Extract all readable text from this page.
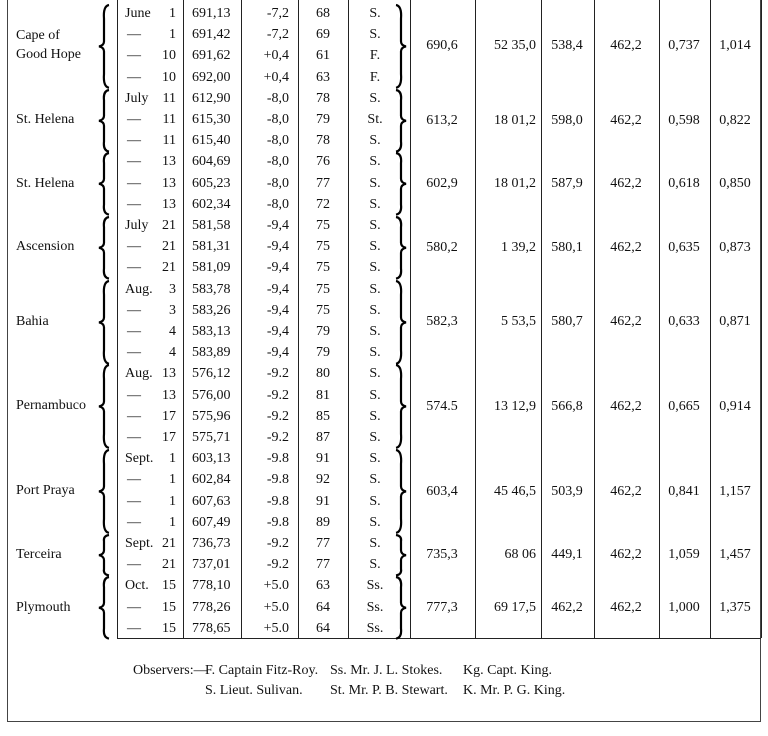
Cape of
Good Hope
June	1 691,13	-7,2	68	S.
—	1 691,42	-7,2	69	S.
—	10 691,62	+0,4	61	F.
—	10 692,00	+0,4	63	F.
690,6	52 35,0	538,4	462,2	0,737	1,014
St. Helena
July	11 612,90	-8,0	78	S.
—	11 615,30	-8,0	79	St.
—	11 615,40	-8,0	78	S.
613,2	18 01,2	598,0	462,2	0,598	0,822
St. Helena
—	13 604,69	-8,0	76	S.
—	13 605,23	-8,0	77	S.
—	13 602,34	-8,0	72	S.
602,9	18 01,2	587,9	462,2	0,618	0,850
Ascension
July 21 581,58	-9,4	75	S.
—	21 581,31	-9,4	75	S.
—	21 581,09	-9,4	75	S.
580,2	1 39,2	580,1	462,2	0,635	0,873
Bahia
Aug.	3 583,78	-9,4	75	S.
—	3 583,26	-9,4	75	S.
—	4 583,13	-9,4	79	S.
—	4 583,89	-9,4	79	S.
582,3	5 53,5	580,7	462,2	0,633	0,871
Pernambuco
Aug. 13 576,12	-9.2	80	S.
—	13 576,00	-9.2	81	S.
—	17 575,96	-9.2	85	S.
—	17 575,71	-9.2	87	S.
574.5	13 12,9	566,8	462,2	0,665	0,914
Port Praya
Sept.	1 603,13	-9.8	91	S.
—	1 602,84	-9.8	92	S.
—	1 607,63	-9.8	91	S.
—	1 607,49	-9.8	89	S.
603,4	45 46,5	503,9	462,2	0,841	1,157
Terceira
Sept. 21 736,73	-9.2	77	S.
—	21 737,01	-9.2	77	S.
735,3	68 06	449,1	462,2	1,059	1,457
Plymouth
Oct. 15 778,10	+5.0	63	Ss.
—	15 778,26	+5.0	64	Ss.
—	15 778,65	+5.0	64	Ss.
777,3	69 17,5	462,2	462,2	1,000	1,375
Observers:—
F. Captain Fitz-Roy. Ss. Mr. J. L. Stokes. Kg. Capt. King.
S. Lieut. Sulivan. St. Mr. P. B. Stewart. K. Mr. P. G. King.
